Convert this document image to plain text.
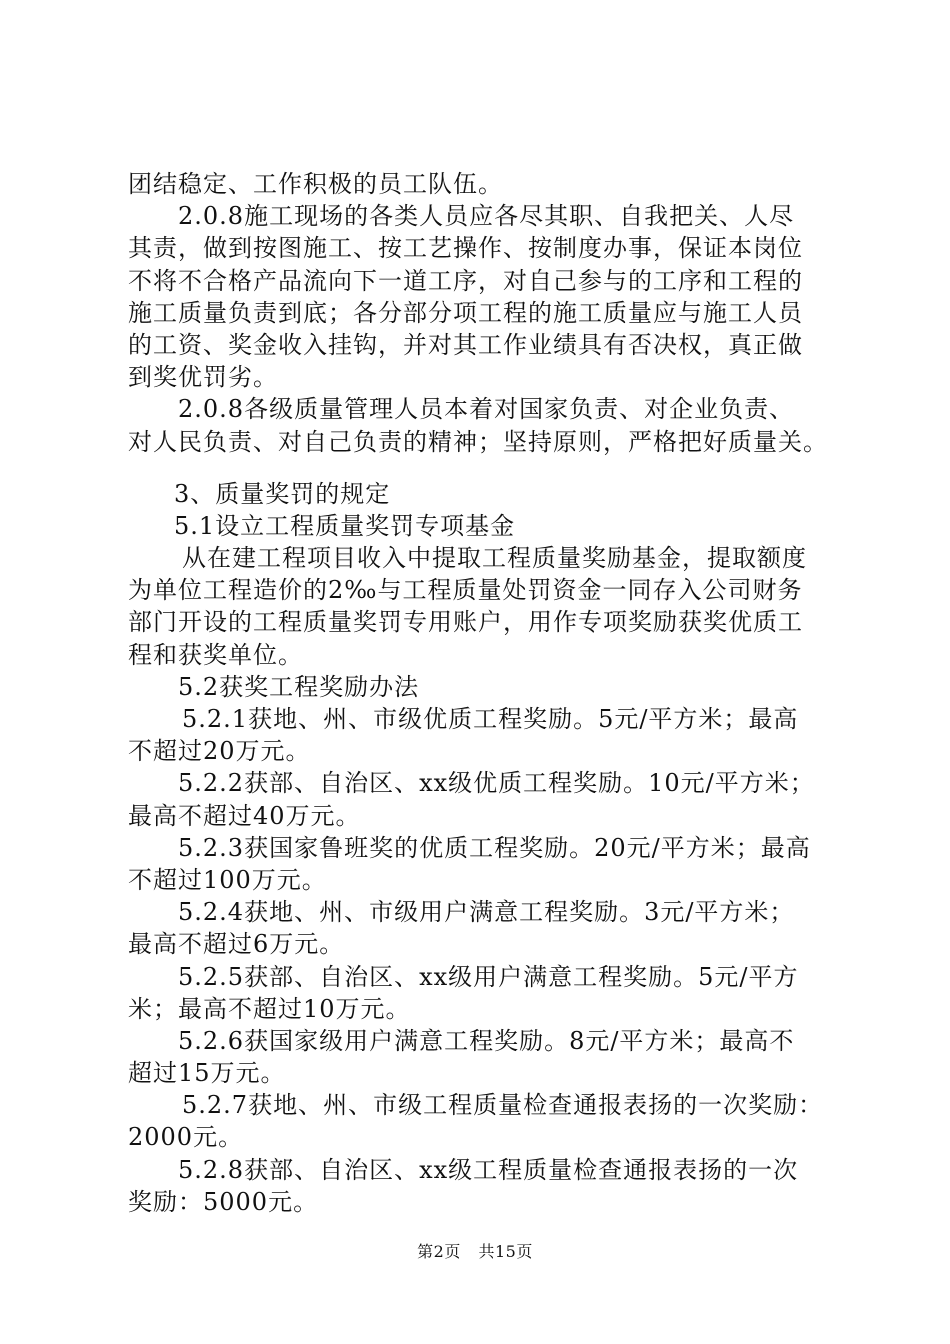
团结稳定、工作积极的员工队伍。
2.0.8施工现场的各类人员应各尽其职、自我把关、人尽
其责，做到按图施工、按工艺操作、按制度办事，保证本岗位
不将不合格产品流向下一道工序，对自己参与的工序和工程的
施工质量负责到底；各分部分项工程的施工质量应与施工人员
的工资、奖金收入挂钩，并对其工作业绩具有否决权，真正做
到奖优罚劣。
2.0.8各级质量管理人员本着对国家负责、对企业负责、
对人民负责、对自己负责的精神；坚持原则，严格把好质量关。
3、质量奖罚的规定
5.1设立工程质量奖罚专项基金
从在建工程项目收入中提取工程质量奖励基金，提取额度
为单位工程造价的2‰与工程质量处罚资金一同存入公司财务
部门开设的工程质量奖罚专用账户，用作专项奖励获奖优质工
程和获奖单位。
5.2获奖工程奖励办法
5.2.1获地、州、市级优质工程奖励。5元/平方米；最高
不超过20万元。
5.2.2获部、自治区、xx级优质工程奖励。10元/平方米；
最高不超过40万元。
5.2.3获国家鲁班奖的优质工程奖励。20元/平方米；最高
不超过100万元。
5.2.4获地、州、市级用户满意工程奖励。3元/平方米；
最高不超过6万元。
5.2.5获部、自治区、xx级用户满意工程奖励。5元/平方
米；最高不超过10万元。
5.2.6获国家级用户满意工程奖励。8元/平方米；最高不
超过15万元。
5.2.7获地、州、市级工程质量检查通报表扬的一次奖励：
2000元。
5.2.8获部、自治区、xx级工程质量检查通报表扬的一次
奖励：5000元。
第2页 共15页
